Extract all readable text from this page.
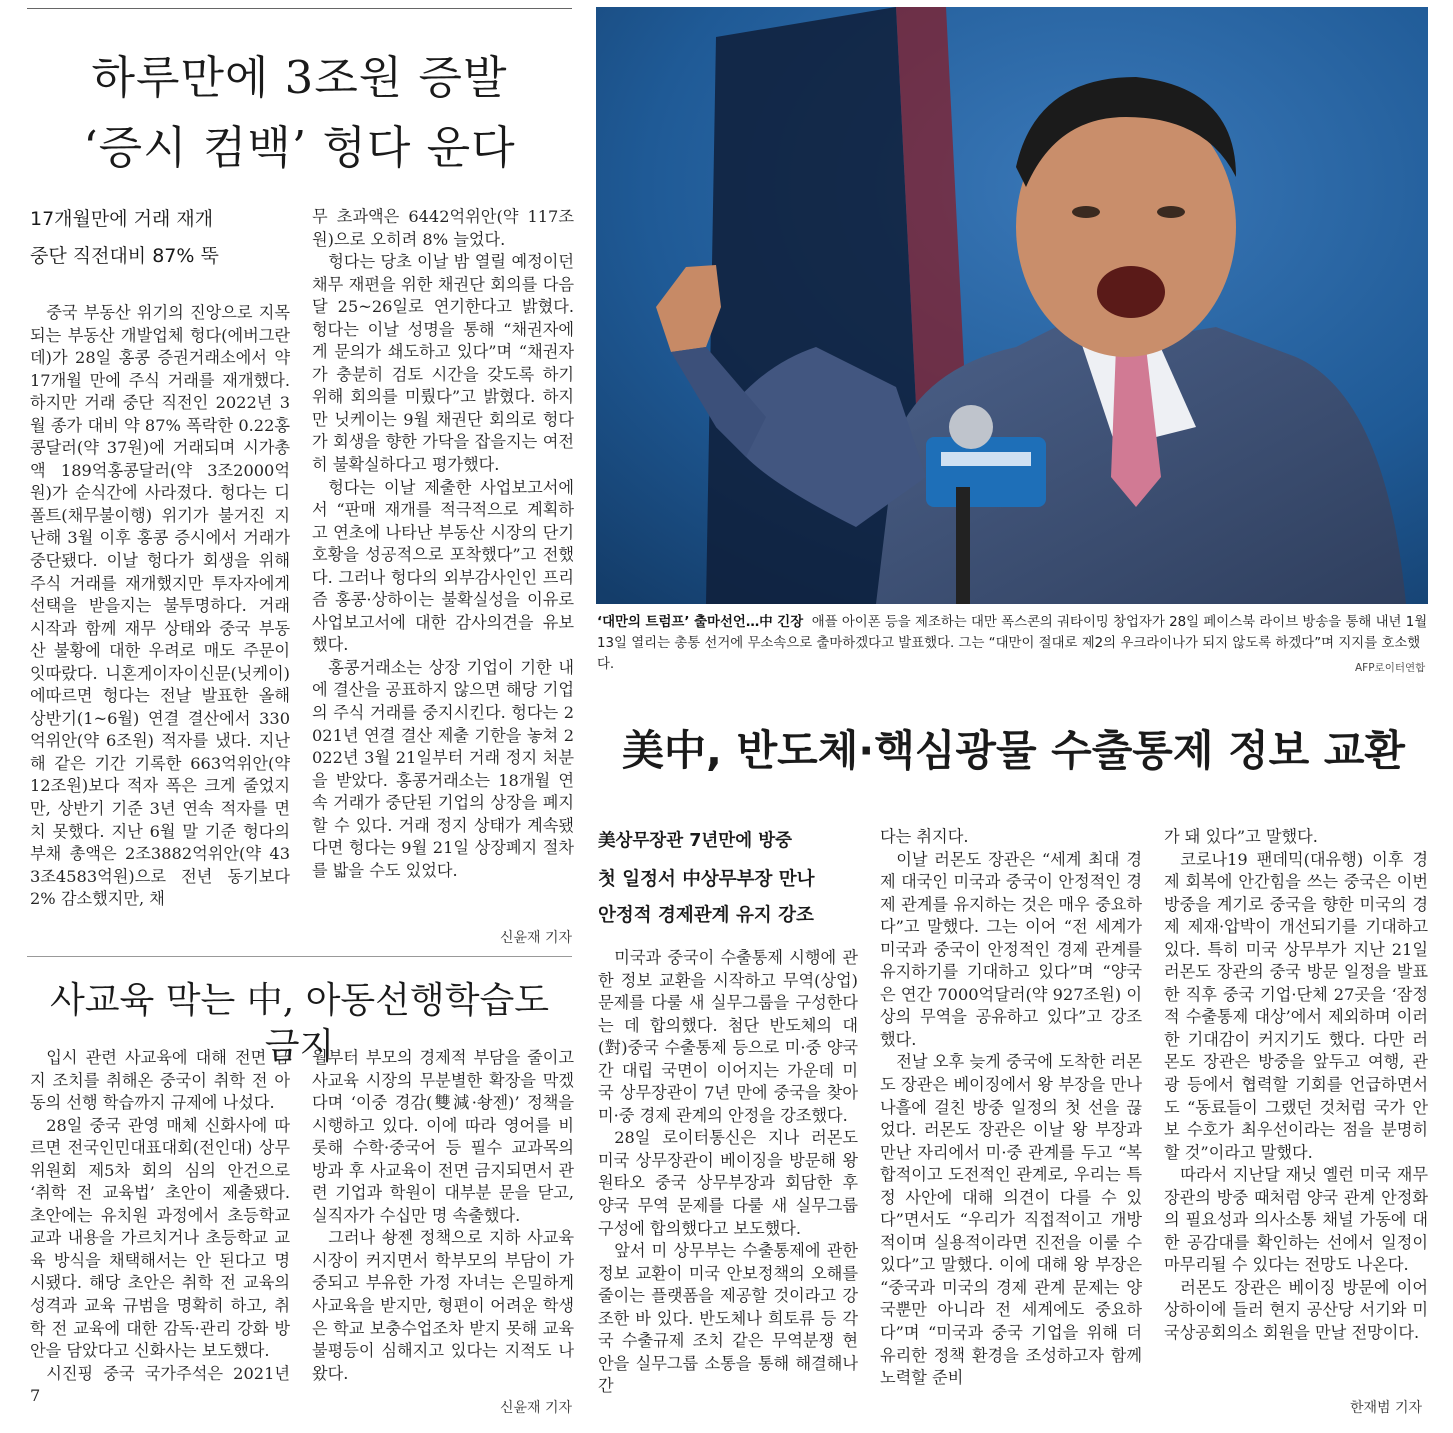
하루만에 3조원 증발
‘증시 컴백’ 헝다 운다
17개월만에 거래 재개
중단 직전대비 87% 뚝

중국 부동산 위기의 진앙으로 지목되는 부동산 개발업체 헝다(에버그란데)가 28일 홍콩 증권거래소에서 약 17개월 만에 주식 거래를 재개했다. 하지만 거래 중단 직전인 2022년 3월 종가 대비 약 87% 폭락한 0.22홍콩달러(약 37원)에 거래되며 시가총액 189억홍콩달러(약 3조2000억원)가 순식간에 사라졌다. 헝다는 디폴트(채무불이행) 위기가 불거진 지난해 3월 이후 홍콩 증시에서 거래가 중단됐다. 이날 헝다가 회생을 위해 주식 거래를 재개했지만 투자자에게 선택을 받을지는 불투명하다. 거래 시작과 함께 재무 상태와 중국 부동산 불황에 대한 우려로 매도 주문이 잇따랐다. 니혼게이자이신문(닛케이)에따르면 헝다는 전날 발표한 올해 상반기(1~6월) 연결 결산에서 330억위안(약 6조원) 적자를 냈다. 지난해 같은 기간 기록한 663억위안(약 12조원)보다 적자 폭은 크게 줄었지만, 상반기 기준 3년 연속 적자를 면치 못했다. 지난 6월 말 기준 헝다의 부채 총액은 2조3882억위안(약 433조4583억원)으로 전년 동기보다 2% 감소했지만, 채

무 초과액은 6442억위안(약 117조원)으로 오히려 8% 늘었다.

헝다는 당초 이날 밤 열릴 예정이던 채무 재편을 위한 채권단 회의를 다음 달 25~26일로 연기한다고 밝혔다. 헝다는 이날 성명을 통해 “채권자에게 문의가 쇄도하고 있다”며 “채권자가 충분히 검토 시간을 갖도록 하기 위해 회의를 미뤘다”고 밝혔다. 하지만 닛케이는 9월 채권단 회의로 헝다가 회생을 향한 가닥을 잡을지는 여전히 불확실하다고 평가했다.

헝다는 이날 제출한 사업보고서에서 “판매 재개를 적극적으로 계획하고 연초에 나타난 부동산 시장의 단기 호황을 성공적으로 포착했다”고 전했다. 그러나 헝다의 외부감사인인 프리즘 홍콩·상하이는 불확실성을 이유로 사업보고서에 대한 감사의견을 유보했다.

홍콩거래소는 상장 기업이 기한 내에 결산을 공표하지 않으면 해당 기업의 주식 거래를 중지시킨다. 헝다는 2021년 연결 결산 제출 기한을 놓쳐 2022년 3월 21일부터 거래 정지 처분을 받았다. 홍콩거래소는 18개월 연속 거래가 중단된 기업의 상장을 폐지할 수 있다. 거래 정지 상태가 계속됐다면 헝다는 9월 21일 상장폐지 절차를 밟을 수도 있었다.

신윤재 기자
사교육 막는 中, 아동선행학습도 금지

입시 관련 사교육에 대해 전면 금지 조치를 취해온 중국이 취학 전 아동의 선행 학습까지 규제에 나섰다.

28일 중국 관영 매체 신화사에 따르면 전국인민대표대회(전인대) 상무위원회 제5차 회의 심의 안건으로 ‘취학 전 교육법’ 초안이 제출됐다. 초안에는 유치원 과정에서 초등학교 교과 내용을 가르치거나 초등학교 교육 방식을 채택해서는 안 된다고 명시됐다. 해당 초안은 취학 전 교육의 성격과 교육 규범을 명확히 하고, 취학 전 교육에 대한 감독·관리 강화 방안을 담았다고 신화사는 보도했다.

시진핑 중국 국가주석은 2021년 7

월부터 부모의 경제적 부담을 줄이고 사교육 시장의 무분별한 확장을 막겠다며 ‘이중 경감(雙減·솽젠)’ 정책을 시행하고 있다. 이에 따라 영어를 비롯해 수학·중국어 등 필수 교과목의 방과 후 사교육이 전면 금지되면서 관련 기업과 학원이 대부분 문을 닫고, 실직자가 수십만 명 속출했다.

그러나 솽젠 정책으로 지하 사교육 시장이 커지면서 학부모의 부담이 가중되고 부유한 가정 자녀는 은밀하게 사교육을 받지만, 형편이 어려운 학생은 학교 보충수업조차 받지 못해 교육 불평등이 심해지고 있다는 지적도 나왔다.

신윤재 기자
‘대만의 트럼프’ 출마선언…中 긴장 애플 아이폰 등을 제조하는 대만 폭스콘의 궈타이밍 창업자가 28일 페이스북 라이브 방송을 통해 내년 1월 13일 열리는 총통 선거에 무소속으로 출마하겠다고 발표했다. 그는 “대만이 절대로 제2의 우크라이나가 되지 않도록 하겠다”며 지지를 호소했다.	AFP로이터연합
美中, 반도체·핵심광물 수출통제 정보 교환
美상무장관 7년만에 방중
첫 일정서 中상무부장 만나
안정적 경제관계 유지 강조

미국과 중국이 수출통제 시행에 관한 정보 교환을 시작하고 무역(상업) 문제를 다룰 새 실무그룹을 구성한다는 데 합의했다. 첨단 반도체의 대(對)중국 수출통제 등으로 미·중 양국 간 대립 국면이 이어지는 가운데 미국 상무장관이 7년 만에 중국을 찾아 미·중 경제 관계의 안정을 강조했다.

28일 로이터통신은 지나 러몬도 미국 상무장관이 베이징을 방문해 왕원타오 중국 상무부장과 회담한 후 양국 무역 문제를 다룰 새 실무그룹 구성에 합의했다고 보도했다.

앞서 미 상무부는 수출통제에 관한 정보 교환이 미국 안보정책의 오해를 줄이는 플랫폼을 제공할 것이라고 강조한 바 있다. 반도체나 희토류 등 각국 수출규제 조치 같은 무역분쟁 현안을 실무그룹 소통을 통해 해결해나간

다는 취지다.

이날 러몬도 장관은 “세계 최대 경제 대국인 미국과 중국이 안정적인 경제 관계를 유지하는 것은 매우 중요하다”고 말했다. 그는 이어 “전 세계가 미국과 중국이 안정적인 경제 관계를 유지하기를 기대하고 있다”며 “양국은 연간 7000억달러(약 927조원) 이상의 무역을 공유하고 있다”고 강조했다.

전날 오후 늦게 중국에 도착한 러몬도 장관은 베이징에서 왕 부장을 만나 나흘에 걸친 방중 일정의 첫 선을 끊었다. 러몬도 장관은 이날 왕 부장과 만난 자리에서 미·중 관계를 두고 “복합적이고 도전적인 관계로, 우리는 특정 사안에 대해 의견이 다를 수 있다”면서도 “우리가 직접적이고 개방적이며 실용적이라면 진전을 이룰 수 있다”고 말했다. 이에 대해 왕 부장은 “중국과 미국의 경제 관계 문제는 양국뿐만 아니라 전 세계에도 중요하다”며 “미국과 중국 기업을 위해 더 유리한 정책 환경을 조성하고자 함께 노력할 준비

가 돼 있다”고 말했다.

코로나19 팬데믹(대유행) 이후 경제 회복에 안간힘을 쓰는 중국은 이번 방중을 계기로 중국을 향한 미국의 경제 제재·압박이 개선되기를 기대하고 있다. 특히 미국 상무부가 지난 21일 러몬도 장관의 중국 방문 일정을 발표한 직후 중국 기업·단체 27곳을 ‘잠정적 수출통제 대상’에서 제외하며 이러한 기대감이 커지기도 했다. 다만 러몬도 장관은 방중을 앞두고 여행, 관광 등에서 협력할 기회를 언급하면서도 “동료들이 그랬던 것처럼 국가 안보 수호가 최우선이라는 점을 분명히 할 것”이라고 말했다.

따라서 지난달 재닛 옐런 미국 재무장관의 방중 때처럼 양국 관계 안정화의 필요성과 의사소통 채널 가동에 대한 공감대를 확인하는 선에서 일정이 마무리될 수 있다는 전망도 나온다.

러몬도 장관은 베이징 방문에 이어 상하이에 들러 현지 공산당 서기와 미국상공회의소 회원을 만날 전망이다.

한재범 기자
